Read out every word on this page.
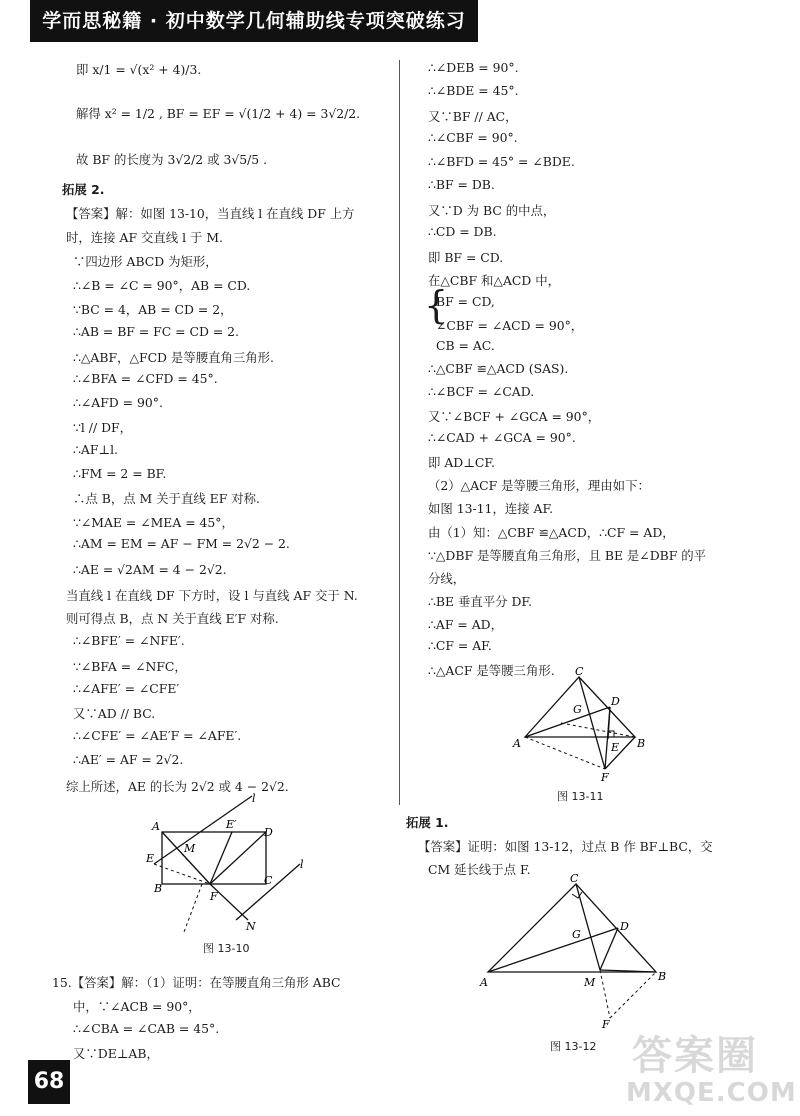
学而思秘籍 · 初中数学几何辅助线专项突破练习
即 x/1 = √(x² + 4)/3.
解得 x² = 1/2 , BF = EF = √(1/2 + 4) = 3√2/2.
故 BF 的长度为 3√2/2 或 3√5/5 .
拓展 2.
【答案】解：如图 13-10，当直线 l 在直线 DF 上方
时，连接 AF 交直线 l 于 M.
∵四边形 ABCD 为矩形，
∴∠B = ∠C = 90°，AB = CD.
∵BC = 4，AB = CD = 2，
∴AB = BF = FC = CD = 2.
∴△ABF，△FCD 是等腰直角三角形.
∴∠BFA = ∠CFD = 45°.
∴∠AFD = 90°.
∵l // DF，
∴AF⊥l.
∴FM = 2 = BF.
∴点 B，点 M 关于直线 EF 对称.
∵∠MAE = ∠MEA = 45°，
∴AM = EM = AF − FM = 2√2 − 2.
∴AE = √2AM = 4 − 2√2.
当直线 l 在直线 DF 下方时，设 l 与直线 AF 交于 N.
则可得点 B，点 N 关于直线 E′F 对称.
∴∠BFE′ = ∠NFE′.
∵∠BFA = ∠NFC，
∴∠AFE′ = ∠CFE′
又∵AD // BC.
∴∠CFE′ = ∠AE′F = ∠AFE′.
∴AE′ = AF = 2√2.
综上所述，AE 的长为 2√2 或 4 − 2√2.
15.【答案】解：（1）证明：在等腰直角三角形 ABC
中，∵∠ACB = 90°，
∴∠CBA = ∠CAB = 45°.
又∵DE⊥AB，
∴∠DEB = 90°.
∴∠BDE = 45°.
又∵BF // AC，
∴∠CBF = 90°.
∴∠BFD = 45° = ∠BDE.
∴BF = DB.
又∵D 为 BC 的中点，
∴CD = DB.
即 BF = CD.
在△CBF 和△ACD 中，
BF = CD,
∠CBF = ∠ACD = 90°，
CB = AC.
∴△CBF ≌△ACD (SAS).
∴∠BCF = ∠CAD.
又∵∠BCF + ∠GCA = 90°，
∴∠CAD + ∠GCA = 90°.
即 AD⊥CF.
（2）△ACF 是等腰三角形，理由如下：
如图 13-11，连接 AF.
由（1）知：△CBF ≌△ACD，∴CF = AD，
∵△DBF 是等腰直角三角形，且 BE 是∠DBF 的平
分线，
∴BE 垂直平分 DF.
∴AF = AD，
∴CF = AF.
∴△ACF 是等腰三角形.
拓展 1.
【答案】证明：如图 13-12，过点 B 作 BF⊥BC，交
CM 延长线于点 F.
{
A
B
C
D
E
E′
M
F
N
l
l
图 13-10
C
D
G
A	E B
F
图 13-11
C
D
G
A	M	B
F
图 13-12
68
答案圈
MXQE.COM
